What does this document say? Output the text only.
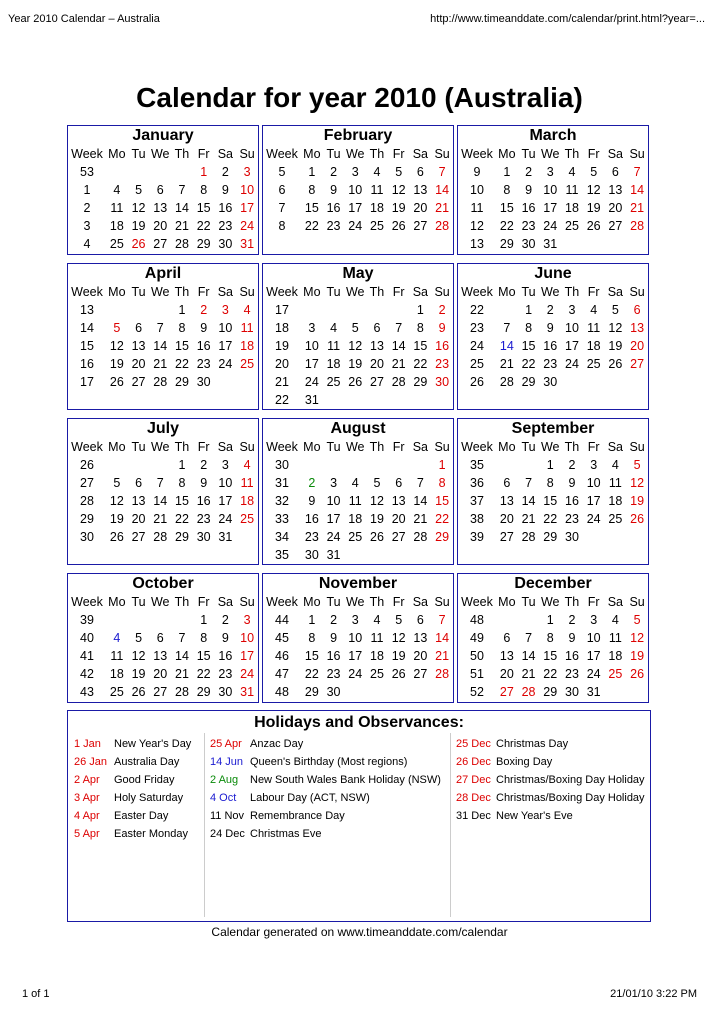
Year 2010 Calendar – Australia	http://www.timeanddate.com/calendar/print.html?year=...
Calendar for year 2010 (Australia)
January
Week	Mo	Tu	We	Th	Fr	Sa	Su
53					1	2	3
1	4	5	6	7	8	9	10
2	11	12	13	14	15	16	17
3	18	19	20	21	22	23	24
4	25	26	27	28	29	30	31
February
Week	Mo	Tu	We	Th	Fr	Sa	Su
5	1	2	3	4	5	6	7
6	8	9	10	11	12	13	14
7	15	16	17	18	19	20	21
8	22	23	24	25	26	27	28
March
Week	Mo	Tu	We	Th	Fr	Sa	Su
9	1	2	3	4	5	6	7
10	8	9	10	11	12	13	14
11	15	16	17	18	19	20	21
12	22	23	24	25	26	27	28
13	29	30	31				
April
Week	Mo	Tu	We	Th	Fr	Sa	Su
13				1	2	3	4
14	5	6	7	8	9	10	11
15	12	13	14	15	16	17	18
16	19	20	21	22	23	24	25
17	26	27	28	29	30		
May
Week	Mo	Tu	We	Th	Fr	Sa	Su
17						1	2
18	3	4	5	6	7	8	9
19	10	11	12	13	14	15	16
20	17	18	19	20	21	22	23
21	24	25	26	27	28	29	30
22	31						
June
Week	Mo	Tu	We	Th	Fr	Sa	Su
22		1	2	3	4	5	6
23	7	8	9	10	11	12	13
24	14	15	16	17	18	19	20
25	21	22	23	24	25	26	27
26	28	29	30				
July
Week	Mo	Tu	We	Th	Fr	Sa	Su
26				1	2	3	4
27	5	6	7	8	9	10	11
28	12	13	14	15	16	17	18
29	19	20	21	22	23	24	25
30	26	27	28	29	30	31	
August
Week	Mo	Tu	We	Th	Fr	Sa	Su
30							1
31	2	3	4	5	6	7	8
32	9	10	11	12	13	14	15
33	16	17	18	19	20	21	22
34	23	24	25	26	27	28	29
35	30	31					
September
Week	Mo	Tu	We	Th	Fr	Sa	Su
35			1	2	3	4	5
36	6	7	8	9	10	11	12
37	13	14	15	16	17	18	19
38	20	21	22	23	24	25	26
39	27	28	29	30			
October
Week	Mo	Tu	We	Th	Fr	Sa	Su
39					1	2	3
40	4	5	6	7	8	9	10
41	11	12	13	14	15	16	17
42	18	19	20	21	22	23	24
43	25	26	27	28	29	30	31
November
Week	Mo	Tu	We	Th	Fr	Sa	Su
44	1	2	3	4	5	6	7
45	8	9	10	11	12	13	14
46	15	16	17	18	19	20	21
47	22	23	24	25	26	27	28
48	29	30					
December
Week	Mo	Tu	We	Th	Fr	Sa	Su
48			1	2	3	4	5
49	6	7	8	9	10	11	12
50	13	14	15	16	17	18	19
51	20	21	22	23	24	25	26
52	27	28	29	30	31		
Holidays and Observances:
1 Jan	New Year's Day
26 Jan Australia Day
2 Apr	Good Friday
3 Apr	Holy Saturday
4 Apr	Easter Day
5 Apr	Easter Monday
25 Apr Anzac Day
14 Jun Queen's Birthday (Most regions)
2 Aug	New South Wales Bank Holiday (NSW)
4 Oct	Labour Day (ACT, NSW)
11 Nov Remembrance Day
24 Dec Christmas Eve
25 Dec Christmas Day
26 Dec Boxing Day
27 Dec Christmas/Boxing Day Holiday
28 Dec Christmas/Boxing Day Holiday
31 Dec New Year's Eve
Calendar generated on www.timeanddate.com/calendar
1 of 1	21/01/10 3:22 PM
